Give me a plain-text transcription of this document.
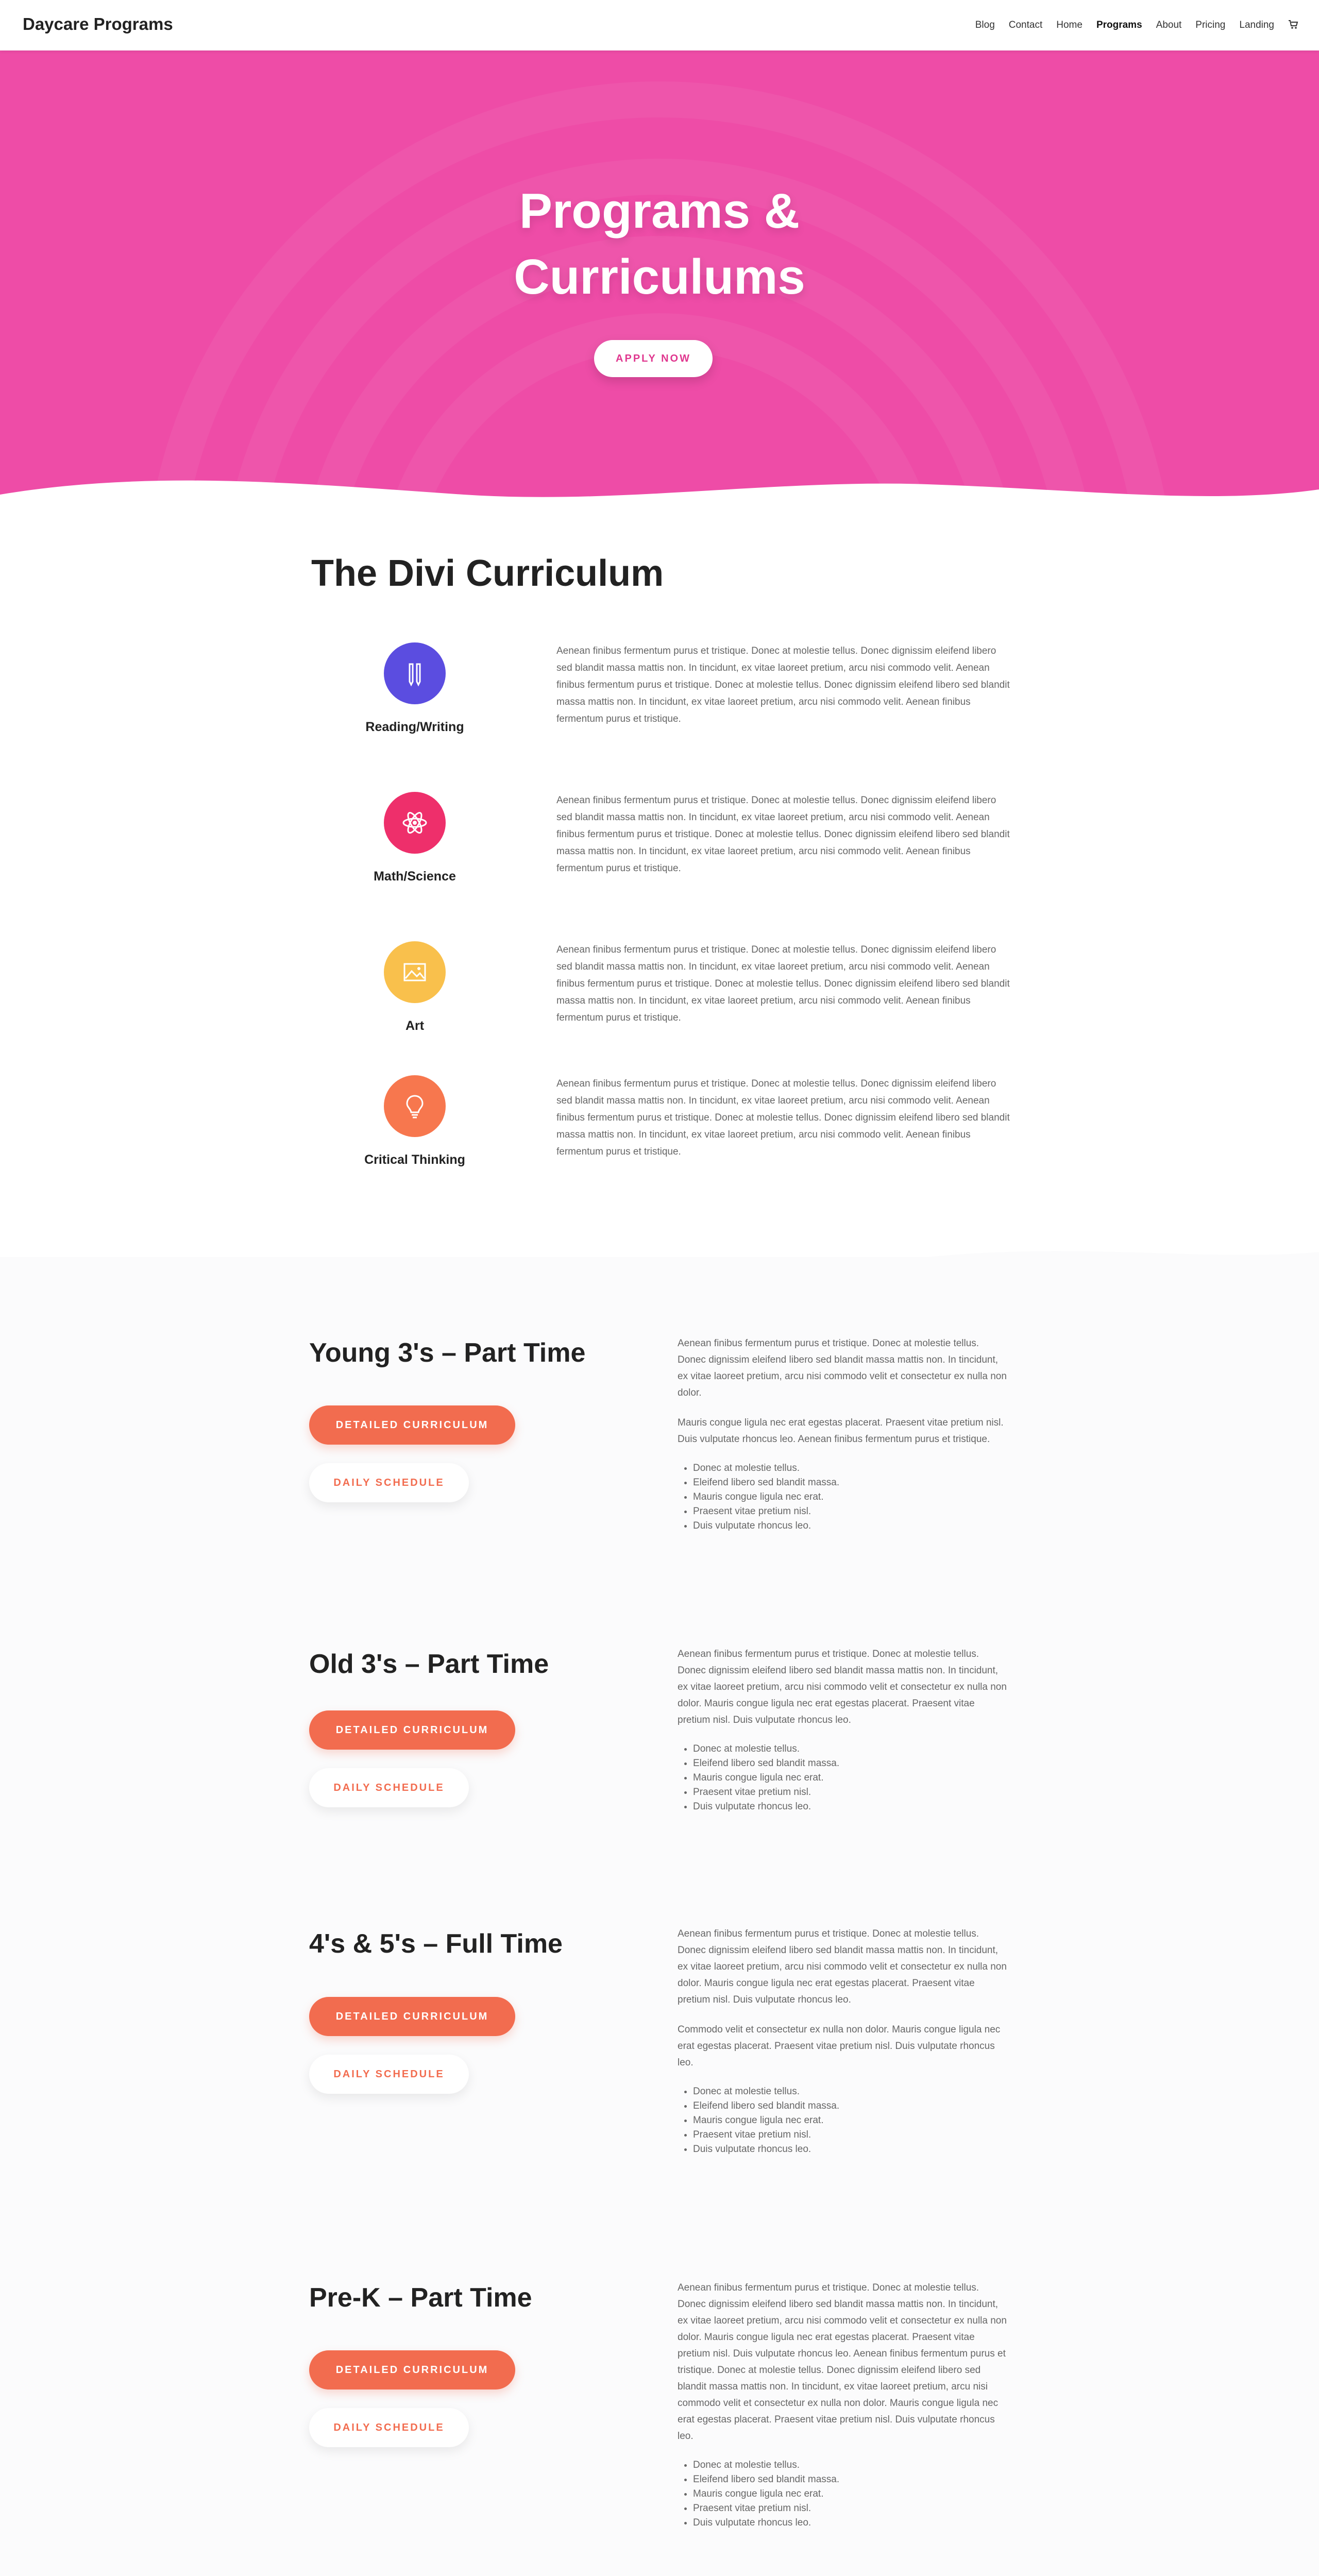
Daycare Programs	Blog Contact Home Programs About Pricing Landing
Programs &
Curriculums
APPLY NOW
The Divi Curriculum
Reading/Writing
Aenean finibus fermentum purus et tristique. Donec at molestie tellus. Donec dignissim eleifend libero sed blandit massa mattis non. In tincidunt, ex vitae laoreet pretium, arcu nisi commodo velit. Aenean finibus fermentum purus et tristique. Donec at molestie tellus. Donec dignissim eleifend libero sed blandit massa mattis non. In tincidunt, ex vitae laoreet pretium, arcu nisi commodo velit. Aenean finibus fermentum purus et tristique.
Math/Science
Aenean finibus fermentum purus et tristique. Donec at molestie tellus. Donec dignissim eleifend libero sed blandit massa mattis non. In tincidunt, ex vitae laoreet pretium, arcu nisi commodo velit. Aenean finibus fermentum purus et tristique. Donec at molestie tellus. Donec dignissim eleifend libero sed blandit massa mattis non. In tincidunt, ex vitae laoreet pretium, arcu nisi commodo velit. Aenean finibus fermentum purus et tristique.
Art
Aenean finibus fermentum purus et tristique. Donec at molestie tellus. Donec dignissim eleifend libero sed blandit massa mattis non. In tincidunt, ex vitae laoreet pretium, arcu nisi commodo velit. Aenean finibus fermentum purus et tristique. Donec at molestie tellus. Donec dignissim eleifend libero sed blandit massa mattis non. In tincidunt, ex vitae laoreet pretium, arcu nisi commodo velit. Aenean finibus fermentum purus et tristique.
Critical Thinking
Aenean finibus fermentum purus et tristique. Donec at molestie tellus. Donec dignissim eleifend libero sed blandit massa mattis non. In tincidunt, ex vitae laoreet pretium, arcu nisi commodo velit. Aenean finibus fermentum purus et tristique. Donec at molestie tellus. Donec dignissim eleifend libero sed blandit massa mattis non. In tincidunt, ex vitae laoreet pretium, arcu nisi commodo velit. Aenean finibus fermentum purus et tristique.
Young 3's – Part Time
DETAILED CURRICULUM
DAILY SCHEDULE

Aenean finibus fermentum purus et tristique. Donec at molestie tellus. Donec dignissim eleifend libero sed blandit massa mattis non. In tincidunt, ex vitae laoreet pretium, arcu nisi commodo velit et consectetur ex nulla non dolor.

Mauris congue ligula nec erat egestas placerat. Praesent vitae pretium nisl. Duis vulputate rhoncus leo. Aenean finibus fermentum purus et tristique.

• Donec at molestie tellus.
• Eleifend libero sed blandit massa.
• Mauris congue ligula nec erat.
• Praesent vitae pretium nisl.
• Duis vulputate rhoncus leo.
Old 3's – Part Time
DETAILED CURRICULUM
DAILY SCHEDULE

Aenean finibus fermentum purus et tristique. Donec at molestie tellus. Donec dignissim eleifend libero sed blandit massa mattis non. In tincidunt, ex vitae laoreet pretium, arcu nisi commodo velit et consectetur ex nulla non dolor. Mauris congue ligula nec erat egestas placerat. Praesent vitae pretium nisl. Duis vulputate rhoncus leo.

• Donec at molestie tellus.
• Eleifend libero sed blandit massa.
• Mauris congue ligula nec erat.
• Praesent vitae pretium nisl.
• Duis vulputate rhoncus leo.
4's & 5's – Full Time
DETAILED CURRICULUM
DAILY SCHEDULE

Aenean finibus fermentum purus et tristique. Donec at molestie tellus. Donec dignissim eleifend libero sed blandit massa mattis non. In tincidunt, ex vitae laoreet pretium, arcu nisi commodo velit et consectetur ex nulla non dolor. Mauris congue ligula nec erat egestas placerat. Praesent vitae pretium nisl. Duis vulputate rhoncus leo.

Commodo velit et consectetur ex nulla non dolor. Mauris congue ligula nec erat egestas placerat. Praesent vitae pretium nisl. Duis vulputate rhoncus leo.

• Donec at molestie tellus.
• Eleifend libero sed blandit massa.
• Mauris congue ligula nec erat.
• Praesent vitae pretium nisl.
• Duis vulputate rhoncus leo.
Pre-K – Part Time
DETAILED CURRICULUM
DAILY SCHEDULE

Aenean finibus fermentum purus et tristique. Donec at molestie tellus. Donec dignissim eleifend libero sed blandit massa mattis non. In tincidunt, ex vitae laoreet pretium, arcu nisi commodo velit et consectetur ex nulla non dolor. Mauris congue ligula nec erat egestas placerat. Praesent vitae pretium nisl. Duis vulputate rhoncus leo. Aenean finibus fermentum purus et tristique. Donec at molestie tellus. Donec dignissim eleifend libero sed blandit massa mattis non. In tincidunt, ex vitae laoreet pretium, arcu nisi commodo velit et consectetur ex nulla non dolor. Mauris congue ligula nec erat egestas placerat. Praesent vitae pretium nisl. Duis vulputate rhoncus leo.

• Donec at molestie tellus.
• Eleifend libero sed blandit massa.
• Mauris congue ligula nec erat.
• Praesent vitae pretium nisl.
• Duis vulputate rhoncus leo.
